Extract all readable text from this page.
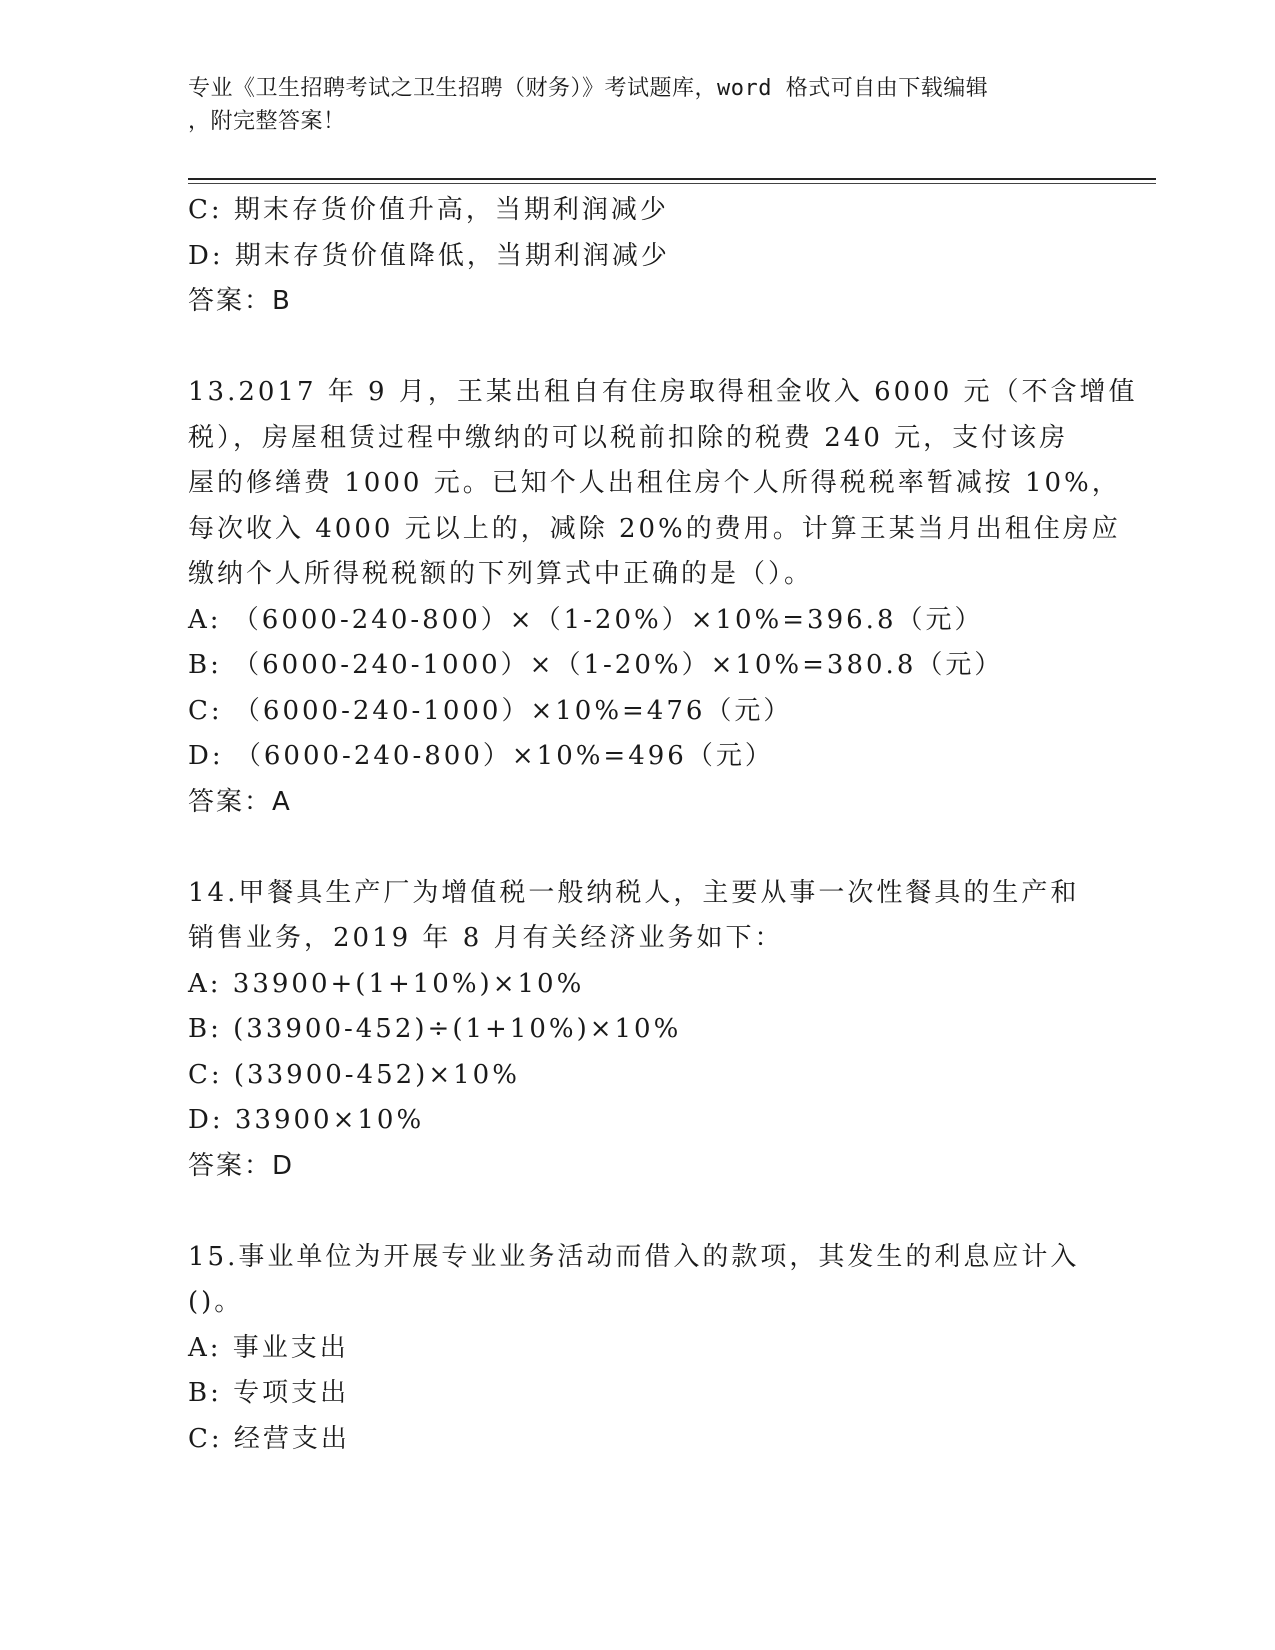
专业《卫生招聘考试之卫生招聘（财务）》考试题库，word 格式可自由下载编辑
，附完整答案！
C: 期末存货价值升高，当期利润减少
D: 期末存货价值降低，当期利润减少
答案：B
13.2017 年 9 月，王某出租自有住房取得租金收入 6000 元（不含增值
税），房屋租赁过程中缴纳的可以税前扣除的税费 240 元，支付该房
屋的修缮费 1000 元。已知个人出租住房个人所得税税率暂减按 10%，
每次收入 4000 元以上的，减除 20%的费用。计算王某当月出租住房应
缴纳个人所得税税额的下列算式中正确的是（）。
A: （6000-240-800）×（1-20%）×10%=396.8（元）
B: （6000-240-1000）×（1-20%）×10%=380.8（元）
C: （6000-240-1000）×10%=476（元）
D: （6000-240-800）×10%=496（元）
答案：A
14.甲餐具生产厂为增值税一般纳税人，主要从事一次性餐具的生产和
销售业务，2019 年 8 月有关经济业务如下：
A: 33900+(1+10%)×10%
B: (33900-452)÷(1+10%)×10%
C: (33900-452)×10%
D: 33900×10%
答案：D
15.事业单位为开展专业业务活动而借入的款项，其发生的利息应计入
()。
A: 事业支出
B: 专项支出
C: 经营支出
